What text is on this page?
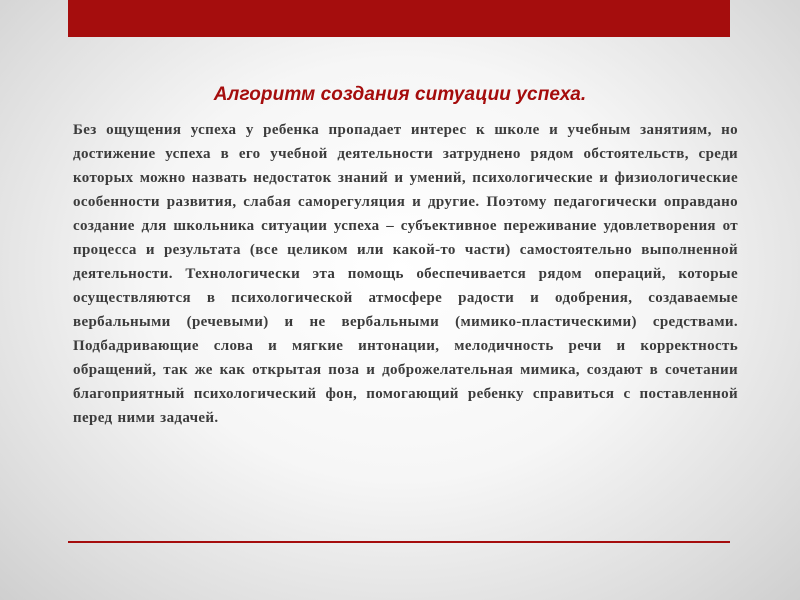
Алгоритм создания ситуации успеха.

Без ощущения успеха у ребенка пропадает интерес к школе и учебным занятиям, но достижение успеха в его учебной деятельности затруднено рядом обстоятельств, среди которых можно назвать недостаток знаний и умений, психологические и физиологические особенности развития, слабая саморегуляция и другие. Поэтому педагогически оправдано создание для школьника ситуации успеха – субъективное переживание удовлетворения от процесса и результата (все целиком или какой-то части) самостоятельно выполненной деятельности. Технологически эта помощь обеспечивается рядом операций, которые осуществляются в психологической атмосфере радости и одобрения, создаваемые вербальными (речевыми) и не вербальными (мимико-пластическими) средствами. Подбадривающие слова и мягкие интонации, мелодичность речи и корректность обращений, так же как открытая поза и доброжелательная мимика, создают в сочетании благоприятный психологический фон, помогающий ребенку справиться с поставленной перед ними задачей.
